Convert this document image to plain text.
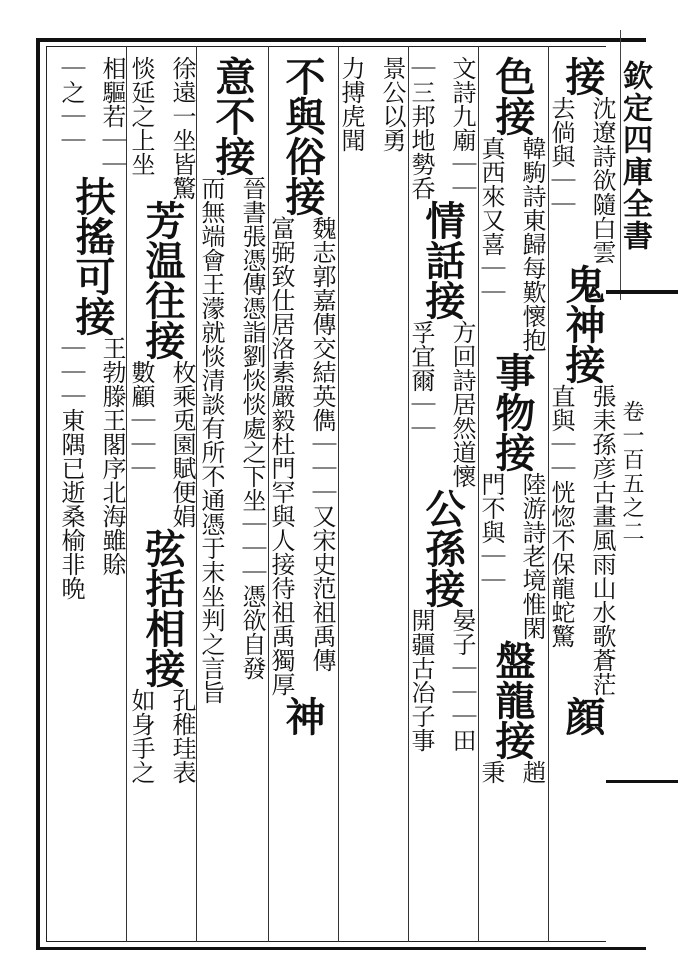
欽定四庫全書
卷一百五之二
接
沈遼詩欲隨白雲
去倘與｜｜
鬼神接
張耒孫彦古畫風雨山水歌蒼茫
直與｜｜恍惚不保龍蛇驚
顔
色接
韓駒詩東歸每歎懷抱
真西來又喜｜｜
事物接
陸游詩老境惟閑
門不與｜｜
盤龍接
趙
秉
文詩九廟｜｜
｜三邦地勢呑
情話接
方回詩居然道懷
孚宜爾｜｜
公孫接
晏子｜｜｜田
開疆古冶子事
景公以勇
力搏虎聞
不與俗接
魏志郭嘉傳交結英儁｜｜｜又宋史范祖禹傳
富弼致仕居洛素嚴毅杜門罕與人接待祖禹獨厚
神
意不接
晉書張憑傳憑詣劉惔惔處之下坐｜｜｜憑欲自發
而無端會王濛就惔清談有所不通憑于末坐判之言旨
徐遠一坐皆驚
惔延之上坐
芳温往接
枚乘兎園賦便娟
數顧｜｜｜
弦括相接
孔稚珪表
如身手之
相驅若｜｜
｜之｜｜
扶搖可接
王勃滕王閣序北海雖賖
｜｜｜東隅已逝桑榆非晩
